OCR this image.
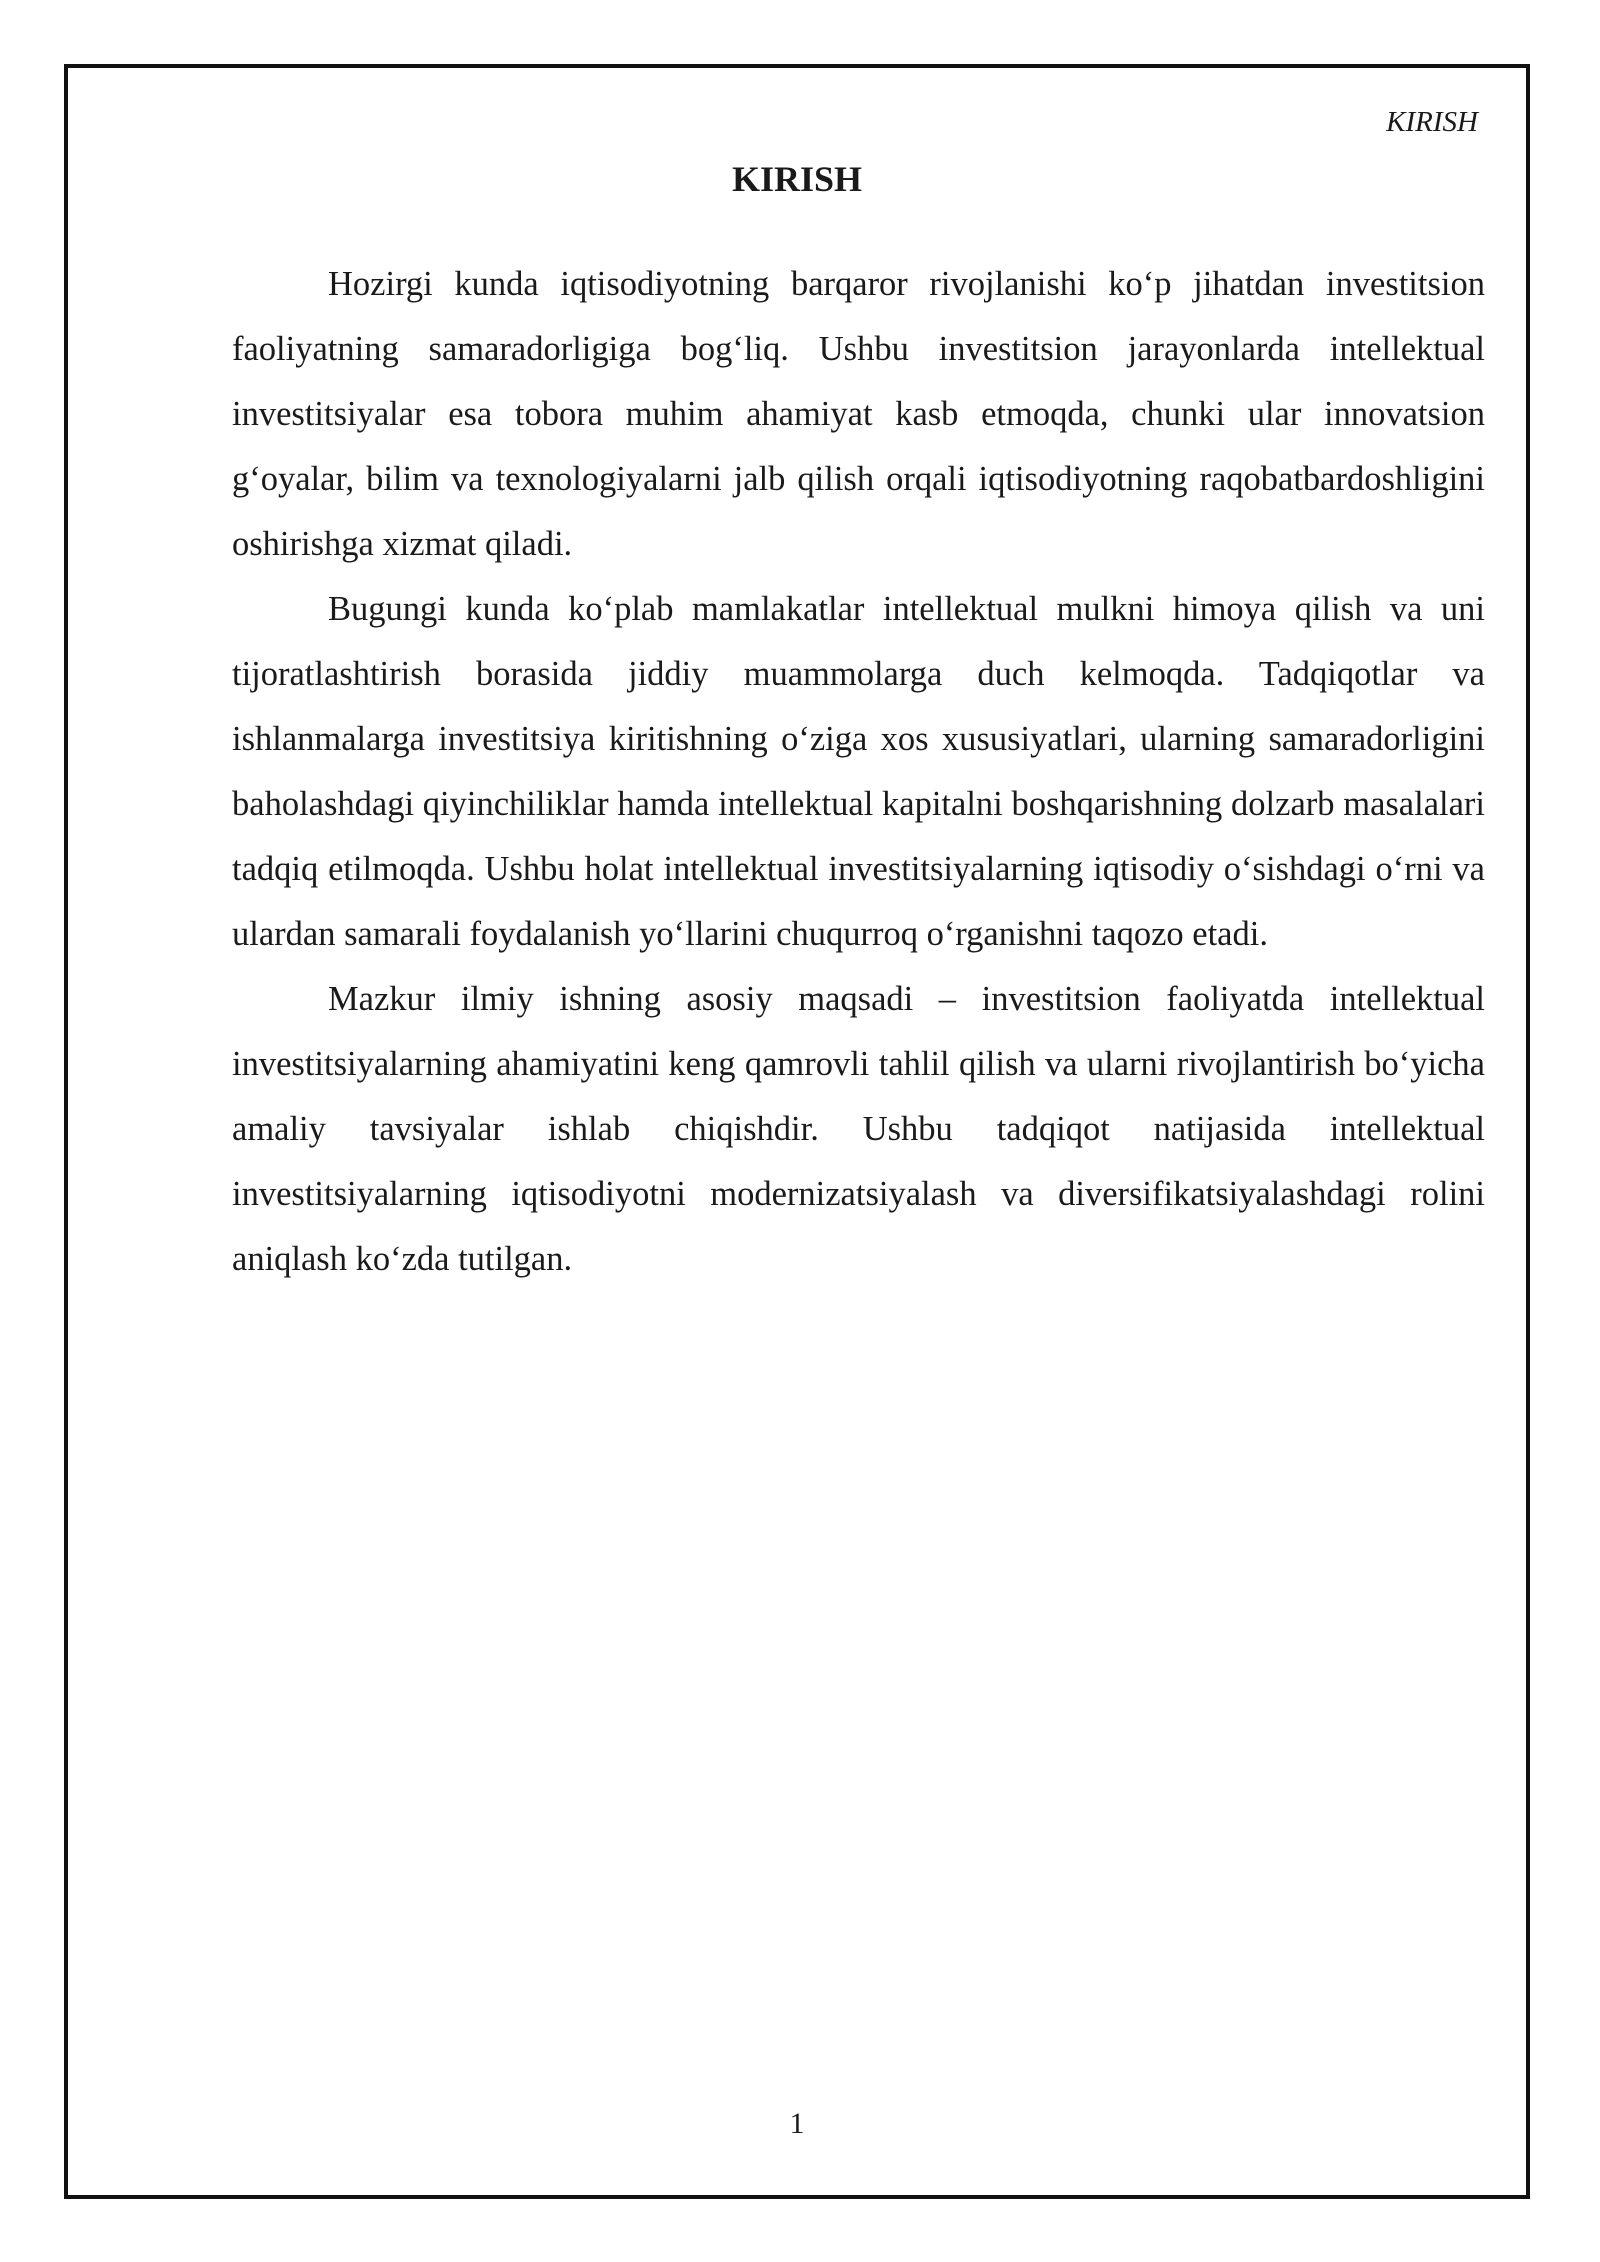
KIRISH
KIRISH

Hozirgi kunda iqtisodiyotning barqaror rivojlanishi ko‘p jihatdan investitsion faoliyatning samaradorligiga bog‘liq. Ushbu investitsion jarayonlarda intellektual investitsiyalar esa tobora muhim ahamiyat kasb etmoqda, chunki ular innovatsion g‘oyalar, bilim va texnologiyalarni jalb qilish orqali iqtisodiyotning raqobatbardoshligini oshirishga xizmat qiladi.

Bugungi kunda ko‘plab mamlakatlar intellektual mulkni himoya qilish va uni tijoratlashtirish borasida jiddiy muammolarga duch kelmoqda. Tadqiqotlar va ishlanmalarga investitsiya kiritishning o‘ziga xos xususiyatlari, ularning samaradorligini baholashdagi qiyinchiliklar hamda intellektual kapitalni boshqarishning dolzarb masalalari tadqiq etilmoqda. Ushbu holat intellektual investitsiyalarning iqtisodiy o‘sishdagi o‘rni va ulardan samarali foydalanish yo‘llarini chuqurroq o‘rganishni taqozo etadi.

Mazkur ilmiy ishning asosiy maqsadi – investitsion faoliyatda intellektual investitsiyalarning ahamiyatini keng qamrovli tahlil qilish va ularni rivojlantirish bo‘yicha amaliy tavsiyalar ishlab chiqishdir. Ushbu tadqiqot natijasida intellektual investitsiyalarning iqtisodiyotni modernizatsiyalash va diversifikatsiyalashdagi rolini aniqlash ko‘zda tutilgan.

1
